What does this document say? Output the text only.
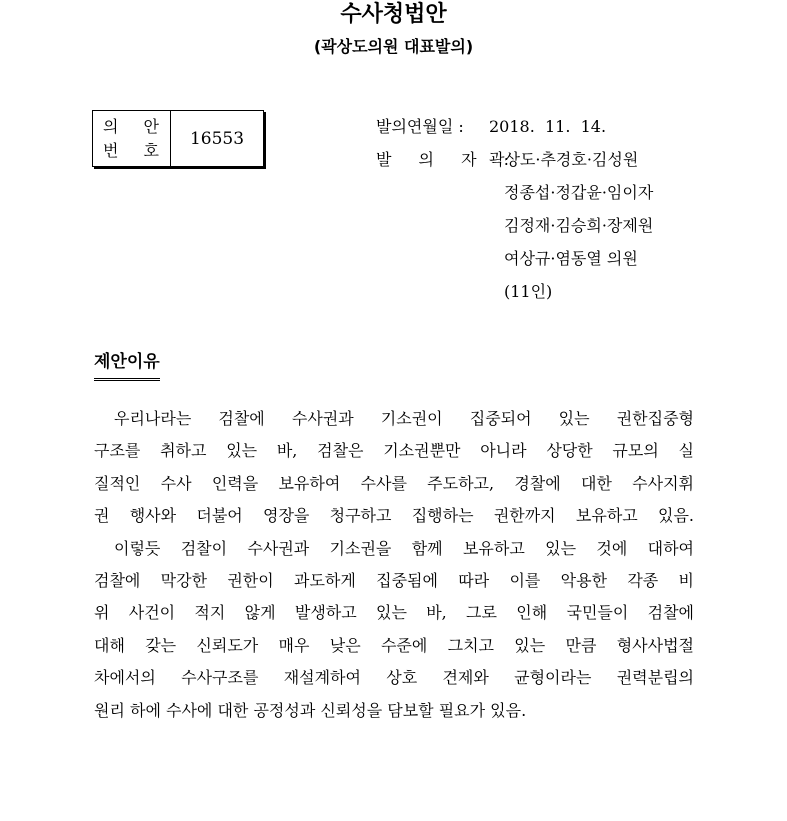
수사청법안
(곽상도의원 대표발의)
의 안
번 호
16553
발의연월일 :	2018.  11.  14.
발 의 자 :
곽상도·추경호·김성원
정종섭·정갑윤·임이자
김정재·김승희·장제원
여상규·염동열 의원
(11인)
제안이유
우리나라는 검찰에 수사권과 기소권이 집중되어 있는 권한집중형
구조를 취하고 있는 바, 검찰은 기소권뿐만 아니라 상당한 규모의 실
질적인 수사 인력을 보유하여 수사를 주도하고, 경찰에 대한 수사지휘
권 행사와 더불어 영장을 청구하고 집행하는 권한까지 보유하고 있음.
이렇듯 검찰이 수사권과 기소권을 함께 보유하고 있는 것에 대하여
검찰에 막강한 권한이 과도하게 집중됨에 따라 이를 악용한 각종 비
위 사건이 적지 않게 발생하고 있는 바, 그로 인해 국민들이 검찰에
대해 갖는 신뢰도가 매우 낮은 수준에 그치고 있는 만큼 형사사법절
차에서의 수사구조를 재설계하여 상호 견제와 균형이라는 권력분립의
원리 하에 수사에 대한 공정성과 신뢰성을 담보할 필요가 있음.
